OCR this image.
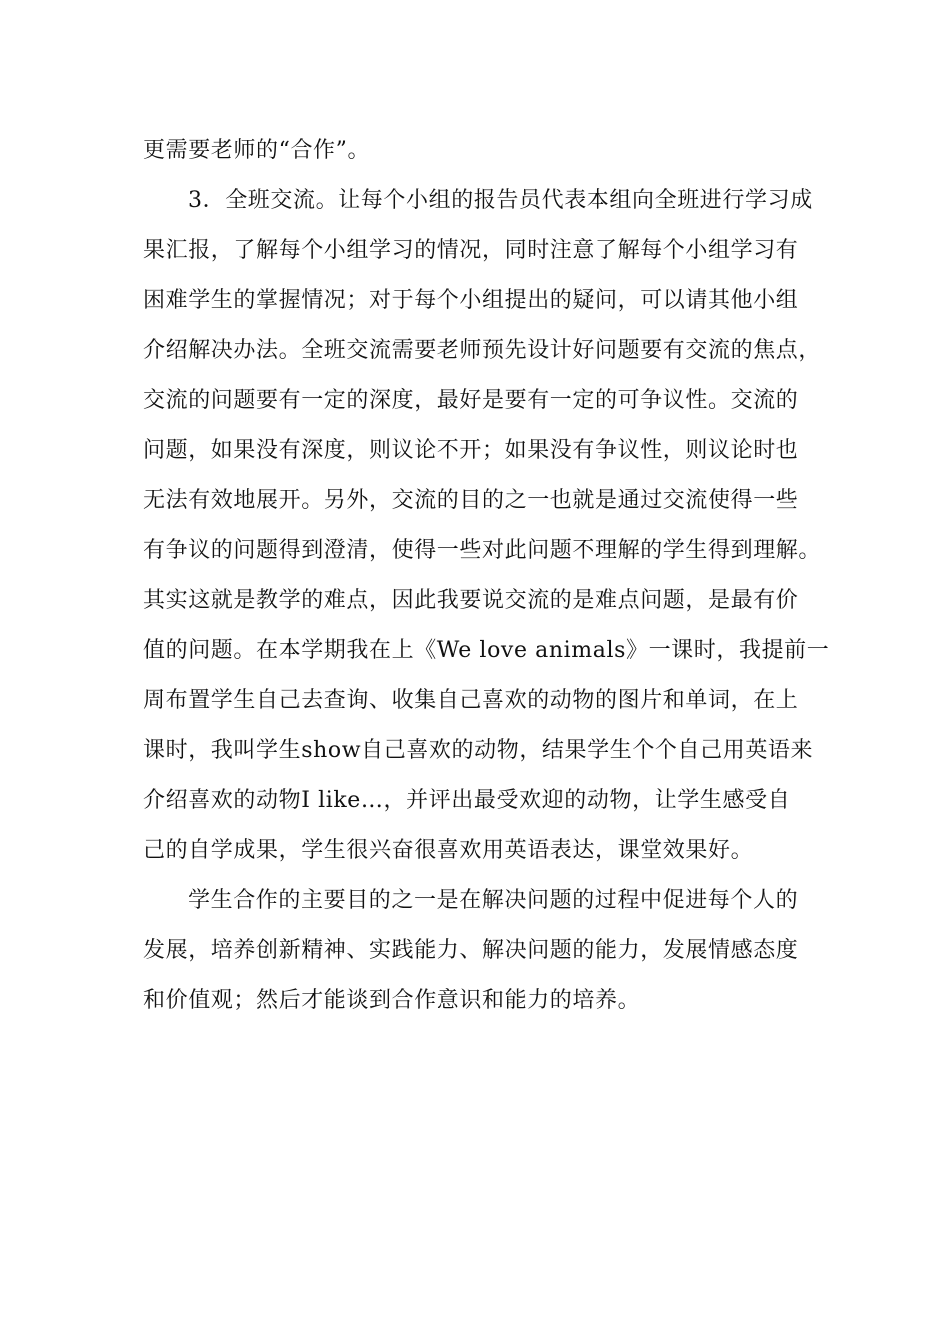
更需要老师的“合作”。
3．全班交流。让每个小组的报告员代表本组向全班进行学习成
果汇报，了解每个小组学习的情况，同时注意了解每个小组学习有
困难学生的掌握情况；对于每个小组提出的疑问，可以请其他小组
介绍解决办法。全班交流需要老师预先设计好问题要有交流的焦点，
交流的问题要有一定的深度，最好是要有一定的可争议性。交流的
问题，如果没有深度，则议论不开；如果没有争议性，则议论时也
无法有效地展开。另外，交流的目的之一也就是通过交流使得一些
有争议的问题得到澄清，使得一些对此问题不理解的学生得到理解。
其实这就是教学的难点，因此我要说交流的是难点问题，是最有价
值的问题。在本学期我在上《We love animals》一课时，我提前一
周布置学生自己去查询、收集自己喜欢的动物的图片和单词，在上
课时，我叫学生show自己喜欢的动物，结果学生个个自己用英语来
介绍喜欢的动物I like…，并评出最受欢迎的动物，让学生感受自
己的自学成果，学生很兴奋很喜欢用英语表达，课堂效果好。
学生合作的主要目的之一是在解决问题的过程中促进每个人的
发展，培养创新精神、实践能力、解决问题的能力，发展情感态度
和价值观；然后才能谈到合作意识和能力的培养。
